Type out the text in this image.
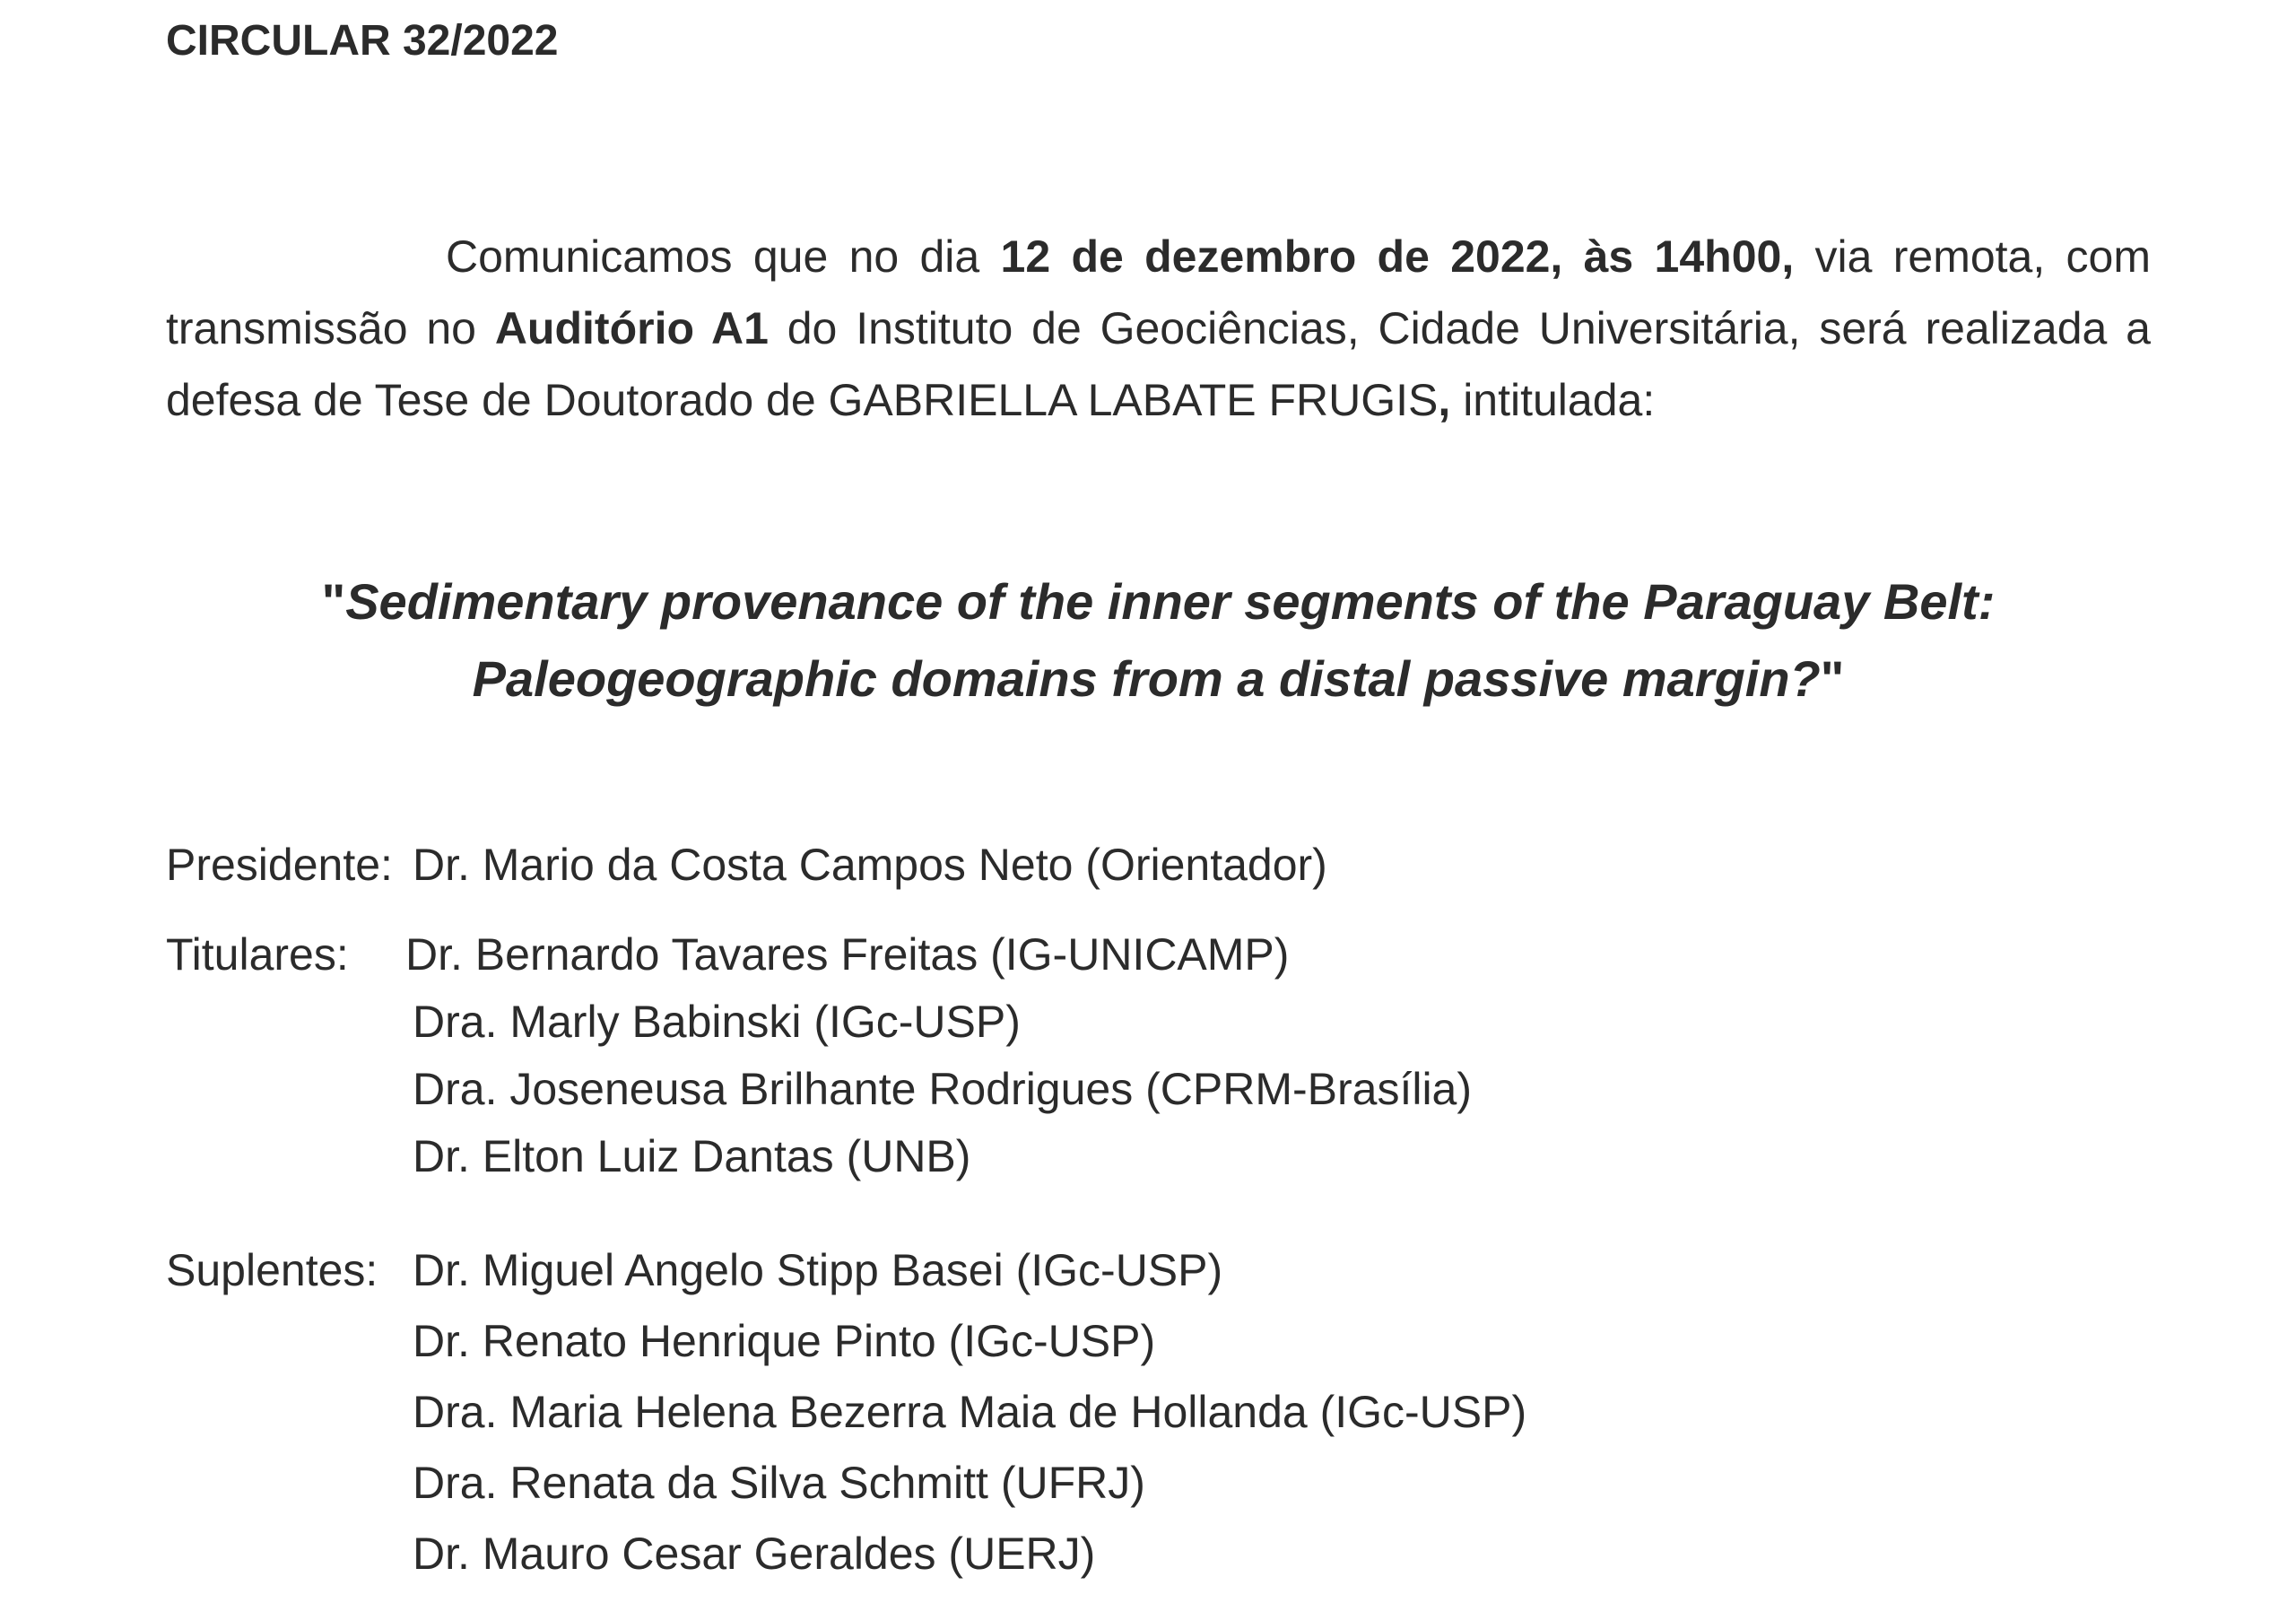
CIRCULAR 32/2022
Comunicamos que no dia 12 de dezembro de 2022, às 14h00, via remota, com transmissão no Auditório A1 do Instituto de Geociências, Cidade Universitária, será realizada a defesa de Tese de Doutorado de GABRIELLA LABATE FRUGIS, intitulada:
"Sedimentary provenance of the inner segments of the Paraguay Belt:
Paleogeographic domains from a distal passive margin?"
Presidente: Dr. Mario da Costa Campos Neto (Orientador)
Titulares: Dr. Bernardo Tavares Freitas (IG-UNICAMP)
Dra. Marly Babinski (IGc-USP)
Dra. Joseneusa Brilhante Rodrigues (CPRM-Brasília)
Dr. Elton Luiz Dantas (UNB)
Suplentes: Dr. Miguel Angelo Stipp Basei (IGc-USP)
Dr. Renato Henrique Pinto (IGc-USP)
Dra. Maria Helena Bezerra Maia de Hollanda (IGc-USP)
Dra. Renata da Silva Schmitt (UFRJ)
Dr. Mauro Cesar Geraldes (UERJ)
